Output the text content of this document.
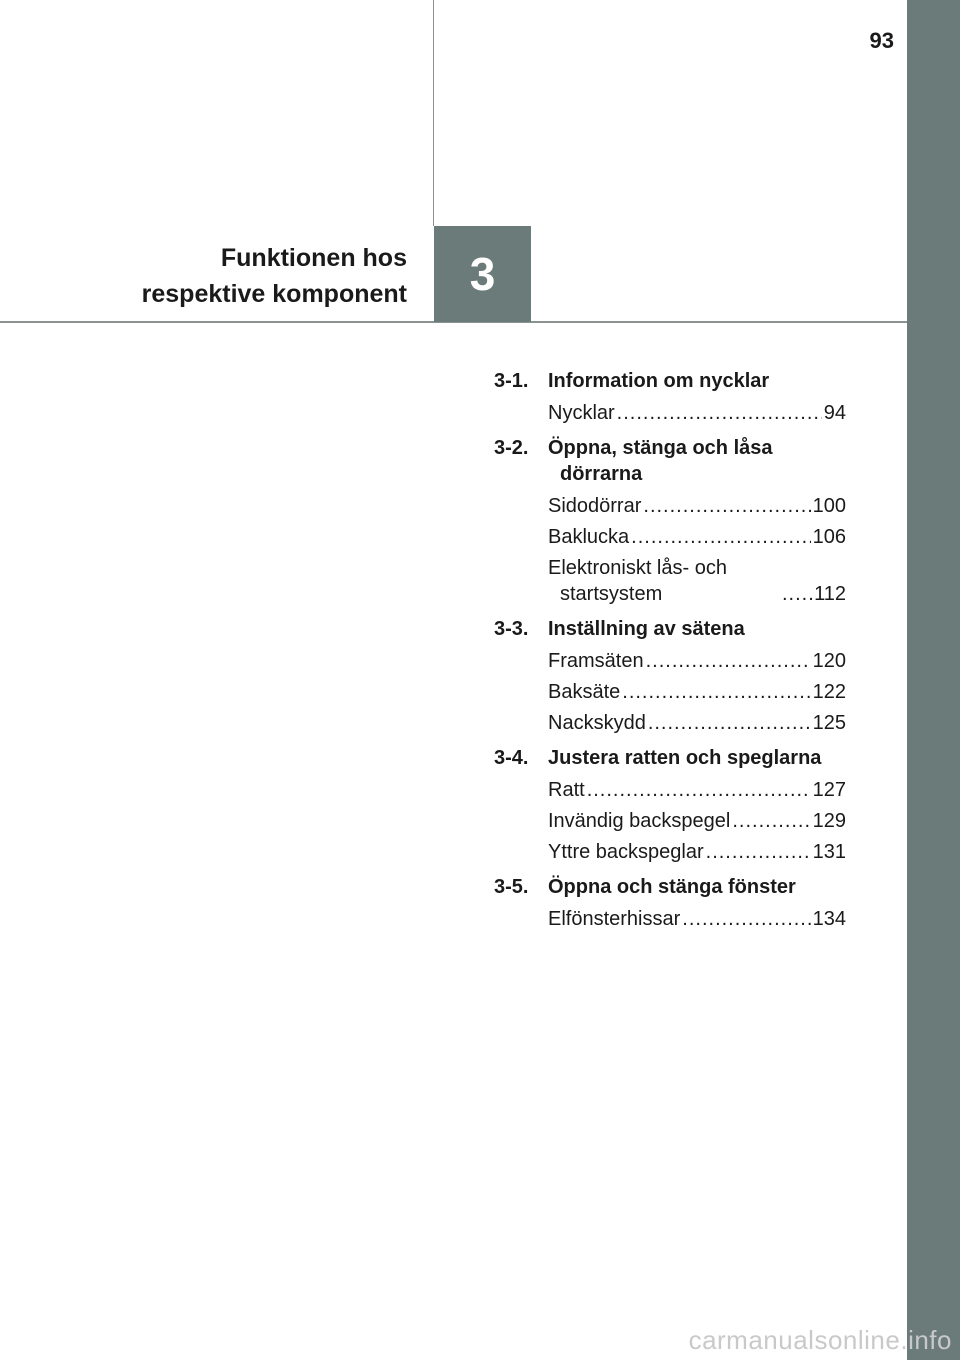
93
Funktionen hos
respektive komponent 3
3-1. Information om nycklar
Nycklar .....	94
3-2. Öppna, stänga och låsa dörrarna
Sidodörrar .....	100
Baklucka .....	106
Elektroniskt lås- och startsystem .....	112
3-3. Inställning av sätena
Framsäten .....	120
Baksäte .....	122
Nackskydd .....	125
3-4. Justera ratten och speglarna
Ratt .....	127
Invändig backspegel .....	129
Yttre backspeglar .....	131
3-5. Öppna och stänga fönster
Elfönsterhissar .....	134
carmanualsonline.info
